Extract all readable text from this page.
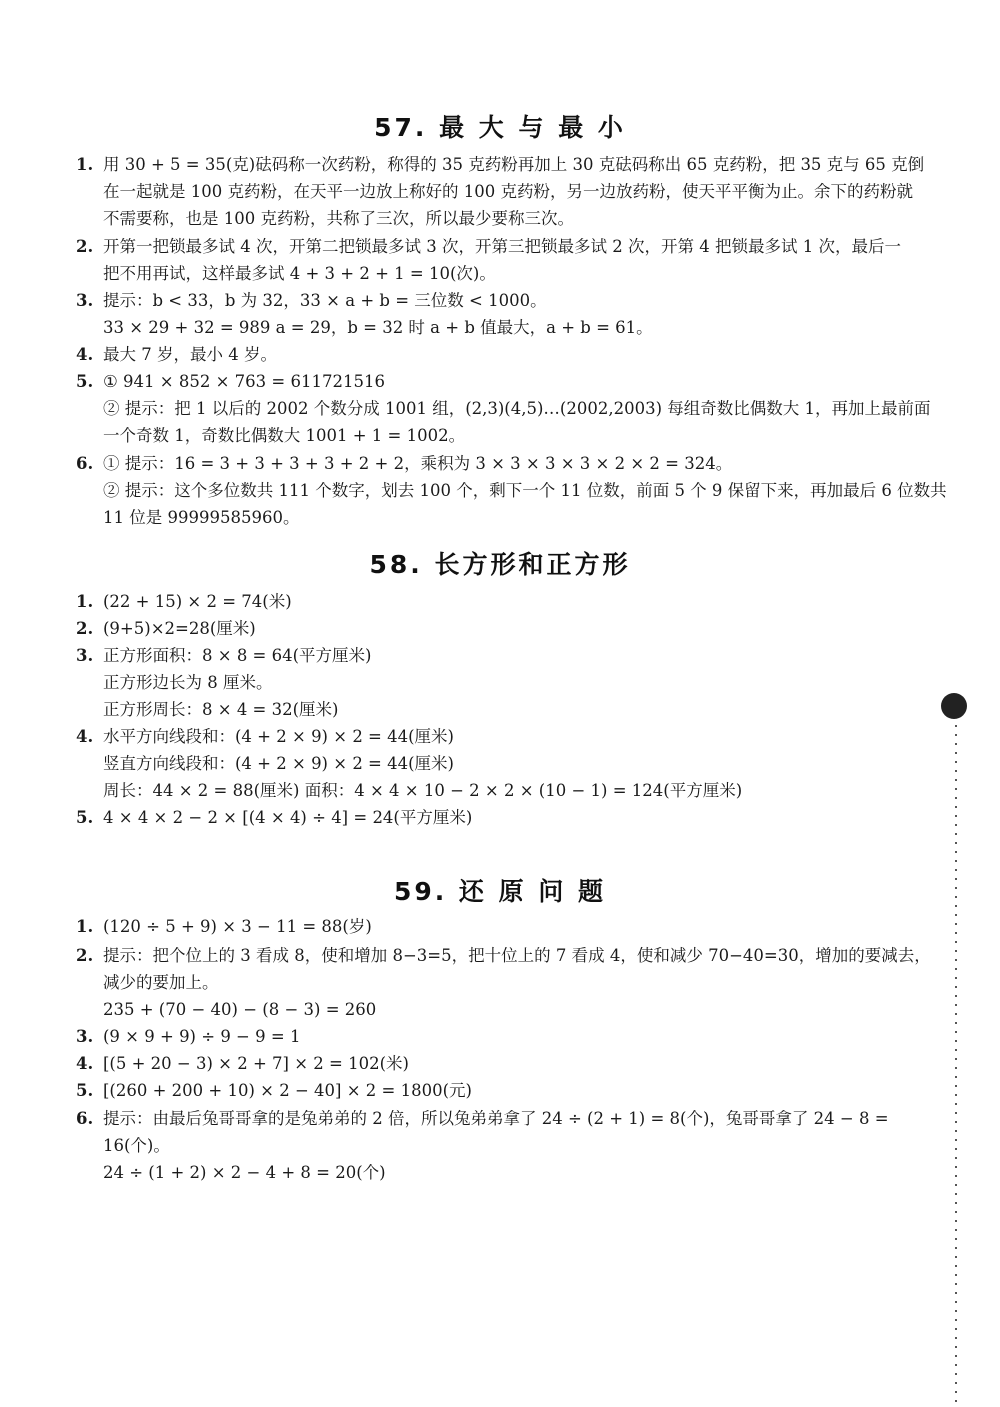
57. 最 大 与 最 小
1. 用 30 + 5 = 35(克)砝码称一次药粉，称得的 35 克药粉再加上 30 克砝码称出 65 克药粉，把 35 克与 65 克倒
在一起就是 100 克药粉，在天平一边放上称好的 100 克药粉，另一边放药粉，使天平平衡为止。余下的药粉就
不需要称，也是 100 克药粉，共称了三次，所以最少要称三次。
2. 开第一把锁最多试 4 次，开第二把锁最多试 3 次，开第三把锁最多试 2 次，开第 4 把锁最多试 1 次，最后一
把不用再试，这样最多试 4 + 3 + 2 + 1 = 10(次)。
3. 提示：b < 33，b 为 32，33 × a + b = 三位数 < 1000。
33 × 29 + 32 = 989 a = 29，b = 32 时 a + b 值最大，a + b = 61。
4. 最大 7 岁，最小 4 岁。
5. ① 941 × 852 × 763 = 611721516
② 提示：把 1 以后的 2002 个数分成 1001 组，(2,3)(4,5)…(2002,2003) 每组奇数比偶数大 1，再加上最前面
一个奇数 1，奇数比偶数大 1001 + 1 = 1002。
6. ① 提示：16 = 3 + 3 + 3 + 3 + 2 + 2，乘积为 3 × 3 × 3 × 3 × 2 × 2 = 324。
② 提示：这个多位数共 111 个数字，划去 100 个，剩下一个 11 位数，前面 5 个 9 保留下来，再加最后 6 位数共
11 位是 99999585960。
58. 长方形和正方形
1. (22 + 15) × 2 = 74(米)
2. (9+5)×2=28(厘米)
3. 正方形面积：8 × 8 = 64(平方厘米)
正方形边长为 8 厘米。
正方形周长：8 × 4 = 32(厘米)
4. 水平方向线段和：(4 + 2 × 9) × 2 = 44(厘米)
竖直方向线段和：(4 + 2 × 9) × 2 = 44(厘米)
周长：44 × 2 = 88(厘米) 面积：4 × 4 × 10 − 2 × 2 × (10 − 1) = 124(平方厘米)
5. 4 × 4 × 2 − 2 × [(4 × 4) ÷ 4] = 24(平方厘米)
59. 还 原 问 题
1. (120 ÷ 5 + 9) × 3 − 11 = 88(岁)
2. 提示：把个位上的 3 看成 8，使和增加 8−3=5，把十位上的 7 看成 4，使和减少 70−40=30，增加的要减去，
减少的要加上。
235 + (70 − 40) − (8 − 3) = 260
3. (9 × 9 + 9) ÷ 9 − 9 = 1
4. [(5 + 20 − 3) × 2 + 7] × 2 = 102(米)
5. [(260 + 200 + 10) × 2 − 40] × 2 = 1800(元)
6. 提示：由最后兔哥哥拿的是兔弟弟的 2 倍，所以兔弟弟拿了 24 ÷ (2 + 1) = 8(个)，兔哥哥拿了 24 − 8 =
16(个)。
24 ÷ (1 + 2) × 2 − 4 + 8 = 20(个)
